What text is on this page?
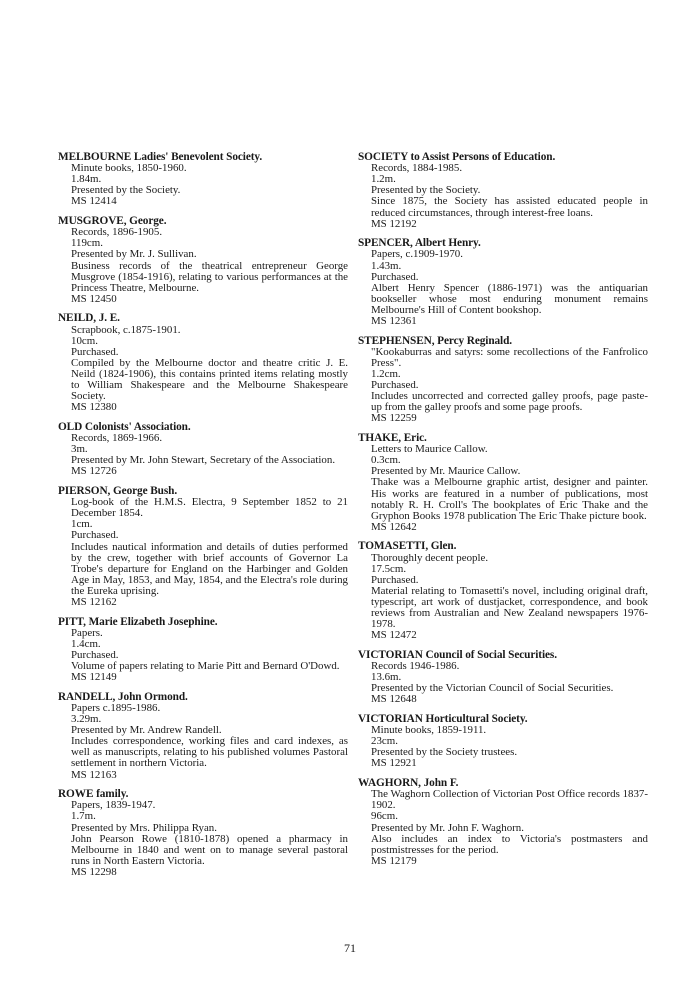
MELBOURNE Ladies' Benevolent Society.
Minute books, 1850-1960.
1.84m.
Presented by the Society.
MS 12414
MUSGROVE, George.
Records, 1896-1905.
119cm.
Presented by Mr. J. Sullivan.
Business records of the theatrical entrepreneur George Musgrove (1854-1916), relating to various performances at the Princess Theatre, Melbourne.
MS 12450
NEILD, J. E.
Scrapbook, c.1875-1901.
10cm.
Purchased.
Compiled by the Melbourne doctor and theatre critic J. E. Neild (1824-1906), this contains printed items relating mostly to William Shakespeare and the Melbourne Shakespeare Society.
MS 12380
OLD Colonists' Association.
Records, 1869-1966.
3m.
Presented by Mr. John Stewart, Secretary of the Association.
MS 12726
PIERSON, George Bush.
Log-book of the H.M.S. Electra, 9 September 1852 to 21 December 1854.
1cm.
Purchased.
Includes nautical information and details of duties performed by the crew, together with brief accounts of Governor La Trobe's departure for England on the Harbinger and Golden Age in May, 1853, and May, 1854, and the Electra's role during the Eureka uprising.
MS 12162
PITT, Marie Elizabeth Josephine.
Papers.
1.4cm.
Purchased.
Volume of papers relating to Marie Pitt and Bernard O'Dowd.
MS 12149
RANDELL, John Ormond.
Papers c.1895-1986.
3.29m.
Presented by Mr. Andrew Randell.
Includes correspondence, working files and card indexes, as well as manuscripts, relating to his published volumes Pastoral settlement in northern Victoria.
MS 12163
ROWE family.
Papers, 1839-1947.
1.7m.
Presented by Mrs. Philippa Ryan.
John Pearson Rowe (1810-1878) opened a pharmacy in Melbourne in 1840 and went on to manage several pastoral runs in North Eastern Victoria.
MS 12298
SOCIETY to Assist Persons of Education.
Records, 1884-1985.
1.2m.
Presented by the Society.
Since 1875, the Society has assisted educated people in reduced circumstances, through interest-free loans.
MS 12192
SPENCER, Albert Henry.
Papers, c.1909-1970.
1.43m.
Purchased.
Albert Henry Spencer (1886-1971) was the antiquarian bookseller whose most enduring monument remains Melbourne's Hill of Content bookshop.
MS 12361
STEPHENSEN, Percy Reginald.
"Kookaburras and satyrs: some recollections of the Fanfrolico Press".
1.2cm.
Purchased.
Includes uncorrected and corrected galley proofs, page paste-up from the galley proofs and some page proofs.
MS 12259
THAKE, Eric.
Letters to Maurice Callow.
0.3cm.
Presented by Mr. Maurice Callow.
Thake was a Melbourne graphic artist, designer and painter. His works are featured in a number of publications, most notably R. H. Croll's The bookplates of Eric Thake and the Gryphon Books 1978 publication The Eric Thake picture book.
MS 12642
TOMASETTI, Glen.
Thoroughly decent people.
17.5cm.
Purchased.
Material relating to Tomasetti's novel, including original draft, typescript, art work of dustjacket, correspondence, and book reviews from Australian and New Zealand newspapers 1976-1978.
MS 12472
VICTORIAN Council of Social Securities.
Records 1946-1986.
13.6m.
Presented by the Victorian Council of Social Securities.
MS 12648
VICTORIAN Horticultural Society.
Minute books, 1859-1911.
23cm.
Presented by the Society trustees.
MS 12921
WAGHORN, John F.
The Waghorn Collection of Victorian Post Office records 1837-1902.
96cm.
Presented by Mr. John F. Waghorn.
Also includes an index to Victoria's postmasters and postmistresses for the period.
MS 12179
71
